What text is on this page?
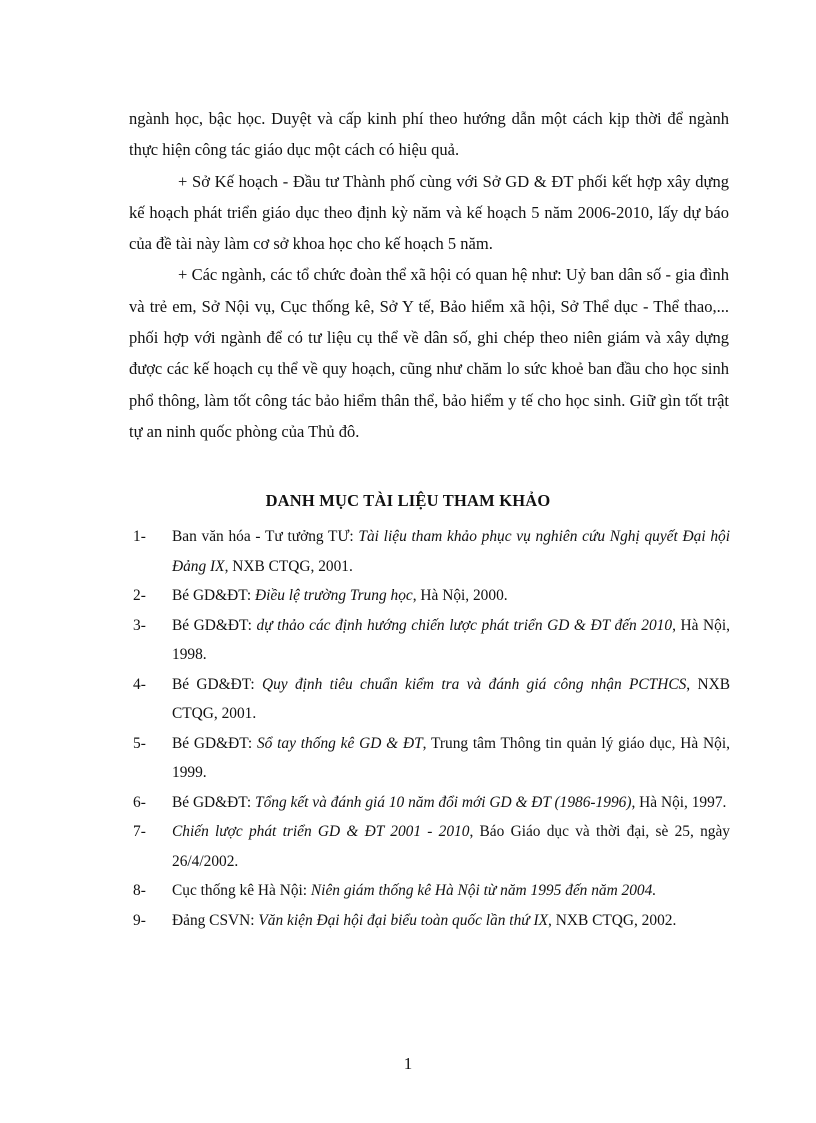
ngành học, bậc học. Duyệt và cấp kinh phí theo hướng dẫn một cách kịp thời để ngành thực hiện công tác giáo dục một cách có hiệu quả.

+ Sở Kế hoạch - Đầu tư Thành phố cùng với Sở GD & ĐT phối kết hợp xây dựng kế hoạch phát triển giáo dục theo định kỳ năm và kế hoạch 5 năm 2006-2010, lấy dự báo của đề tài này làm cơ sở khoa học cho kế hoạch 5 năm.

+ Các ngành, các tổ chức đoàn thể xã hội có quan hệ như: Uỷ ban dân số - gia đình và trẻ em, Sở Nội vụ, Cục thống kê, Sở Y tế, Bảo hiểm xã hội, Sở Thể dục - Thể thao,... phối hợp với ngành để có tư liệu cụ thể về dân số, ghi chép theo niên giám và xây dựng được các kế hoạch cụ thể về quy hoạch, cũng như chăm lo sức khoẻ ban đầu cho học sinh phổ thông, làm tốt công tác bảo hiểm thân thể, bảo hiểm y tế cho học sinh. Giữ gìn tốt trật tự an ninh quốc phòng của Thủ đô.

DANH MỤC TÀI LIỆU THAM KHẢO
1-	Ban văn hóa - Tư tưởng TƯ: Tài liệu tham khảo phục vụ nghiên cứu Nghị quyết Đại hội Đảng IX, NXB CTQG, 2001.
2-	Bé GD&ĐT: Điều lệ trường Trung học, Hà Nội, 2000.
3-	Bé GD&ĐT: dự thảo các định hướng chiến lược phát triển GD & ĐT đến 2010, Hà Nội, 1998.
4-	Bé GD&ĐT: Quy định tiêu chuẩn kiểm tra và đánh giá công nhận PCTHCS, NXB CTQG, 2001.
5-	Bé GD&ĐT: Sổ tay thống kê GD & ĐT, Trung tâm Thông tin quản lý giáo dục, Hà Nội, 1999.
6-	Bé GD&ĐT: Tổng kết và đánh giá 10 năm đổi mới GD & ĐT (1986-1996), Hà Nội, 1997.
7-	Chiến lược phát triển GD & ĐT 2001 - 2010, Báo Giáo dục và thời đại, sè 25, ngày 26/4/2002.
8-	Cục thống kê Hà Nội: Niên giám thống kê Hà Nội từ năm 1995 đến năm 2004.
9-	Đảng CSVN: Văn kiện Đại hội đại biểu toàn quốc lần thứ IX, NXB CTQG, 2002.
1
